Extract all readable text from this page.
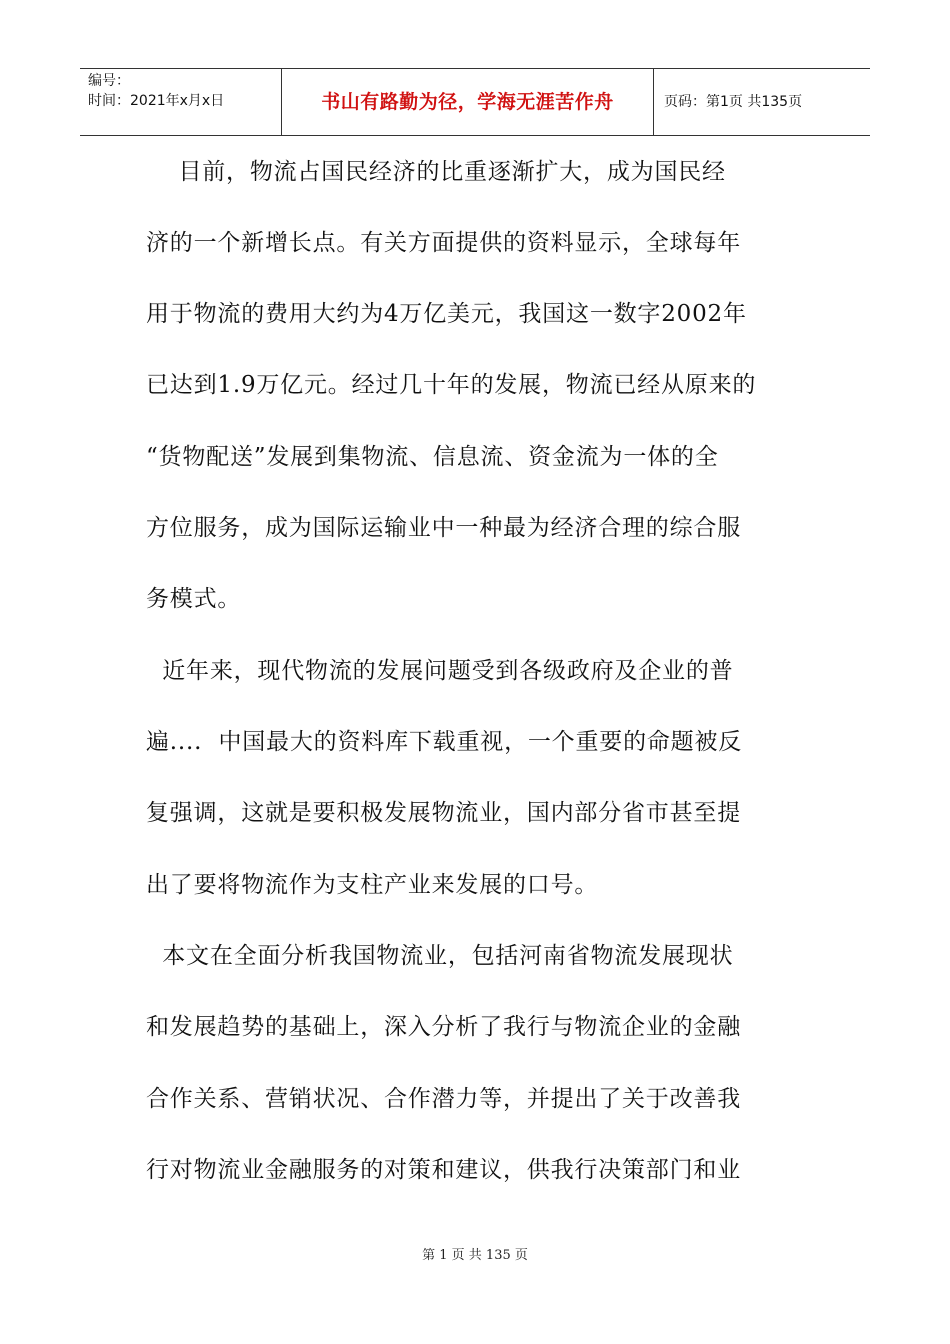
编号：
时间：2021年x月x日	书山有路勤为径，学海无涯苦作舟	页码：第1页 共135页
目前，物流占国民经济的比重逐渐扩大，成为国民经
济的一个新增长点。有关方面提供的资料显示，全球每年
用于物流的费用大约为4万亿美元，我国这一数字2002年
已达到1.9万亿元。经过几十年的发展，物流已经从原来的
“货物配送”发展到集物流、信息流、资金流为一体的全
方位服务，成为国际运输业中一种最为经济合理的综合服
务模式。
近年来，现代物流的发展问题受到各级政府及企业的普
遍....  中国最大的资料库下载重视，一个重要的命题被反
复强调，这就是要积极发展物流业，国内部分省市甚至提
出了要将物流作为支柱产业来发展的口号。
本文在全面分析我国物流业，包括河南省物流发展现状
和发展趋势的基础上，深入分析了我行与物流企业的金融
合作关系、营销状况、合作潜力等，并提出了关于改善我
行对物流业金融服务的对策和建议，供我行决策部门和业
第 1 页 共 135 页
